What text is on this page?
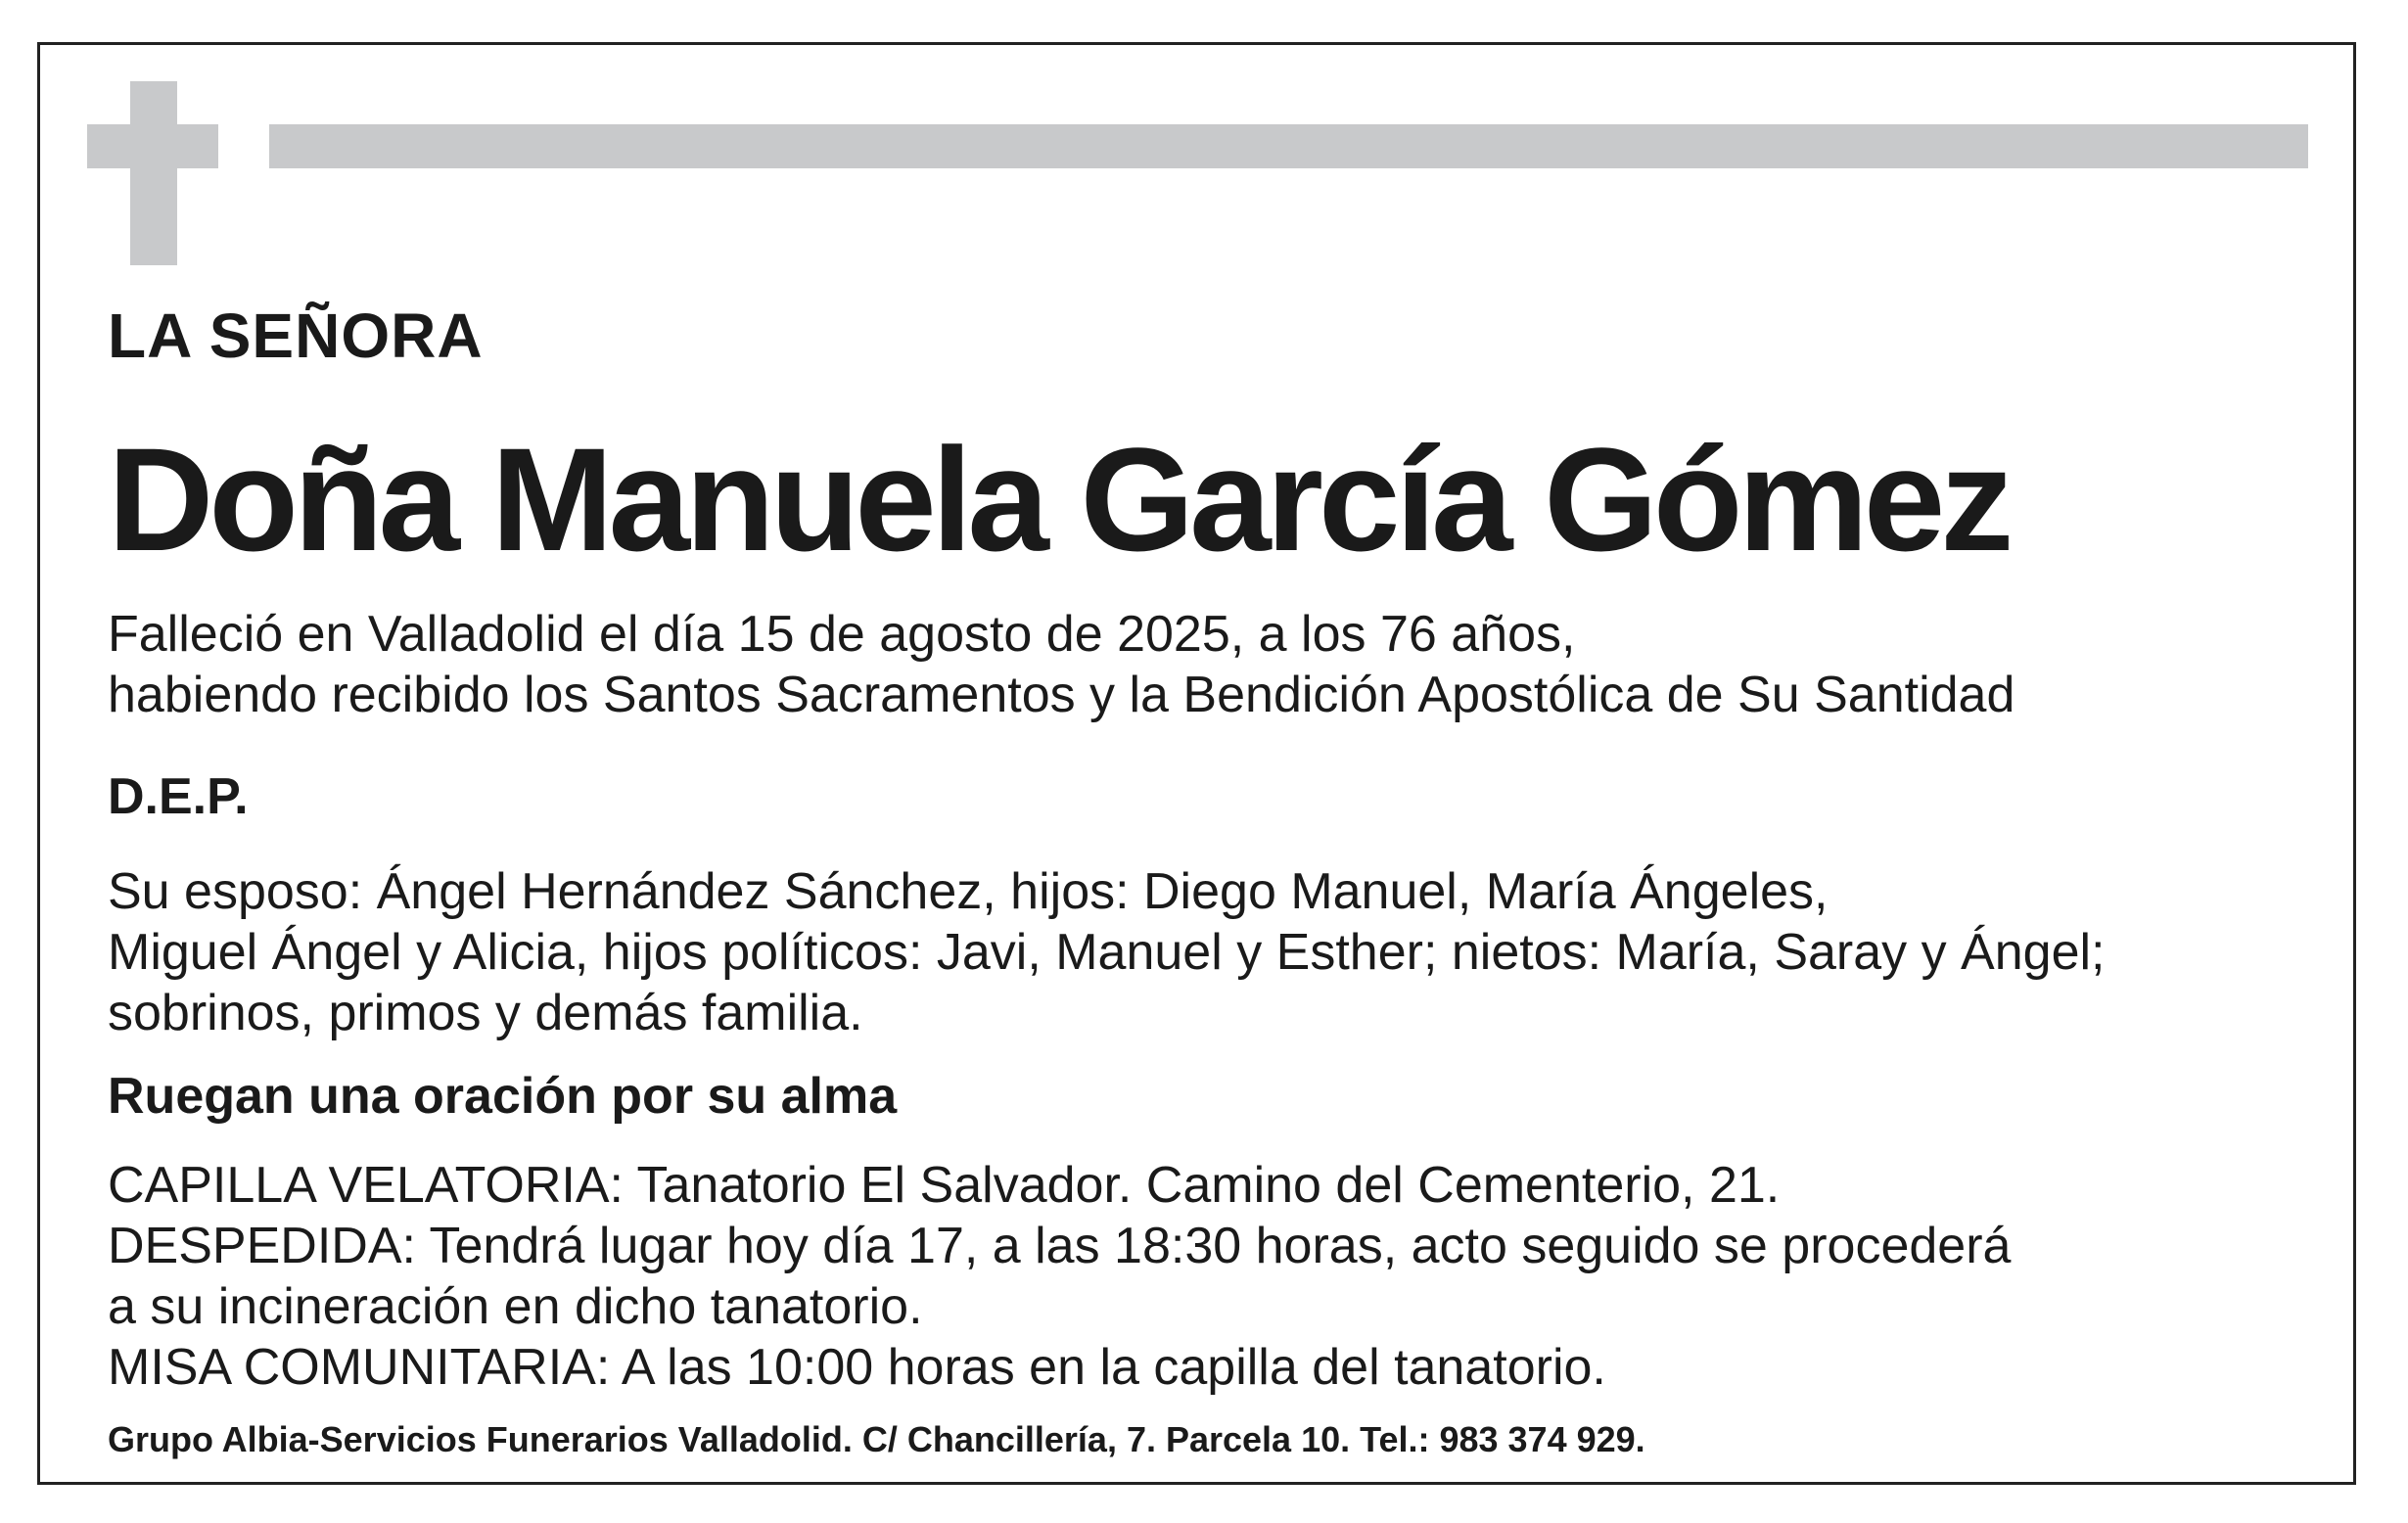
LA SEÑORA
Doña Manuela García Gómez
Falleció en Valladolid el día 15 de agosto de 2025, a los 76 años,
habiendo recibido los Santos Sacramentos y la Bendición Apostólica de Su Santidad
D.E.P.
Su esposo: Ángel Hernández Sánchez, hijos: Diego Manuel, María Ángeles,
Miguel Ángel y Alicia, hijos políticos: Javi, Manuel y Esther; nietos: María, Saray y Ángel;
sobrinos, primos y demás familia.
Ruegan una oración por su alma
CAPILLA VELATORIA: Tanatorio El Salvador. Camino del Cementerio, 21.
DESPEDIDA: Tendrá lugar hoy día 17, a las 18:30 horas, acto seguido se procederá
a su incineración en dicho tanatorio.
MISA COMUNITARIA: A las 10:00 horas en la capilla del tanatorio.
Grupo Albia-Servicios Funerarios Valladolid. C/ Chancillería, 7. Parcela 10. Tel.: 983 374 929.
